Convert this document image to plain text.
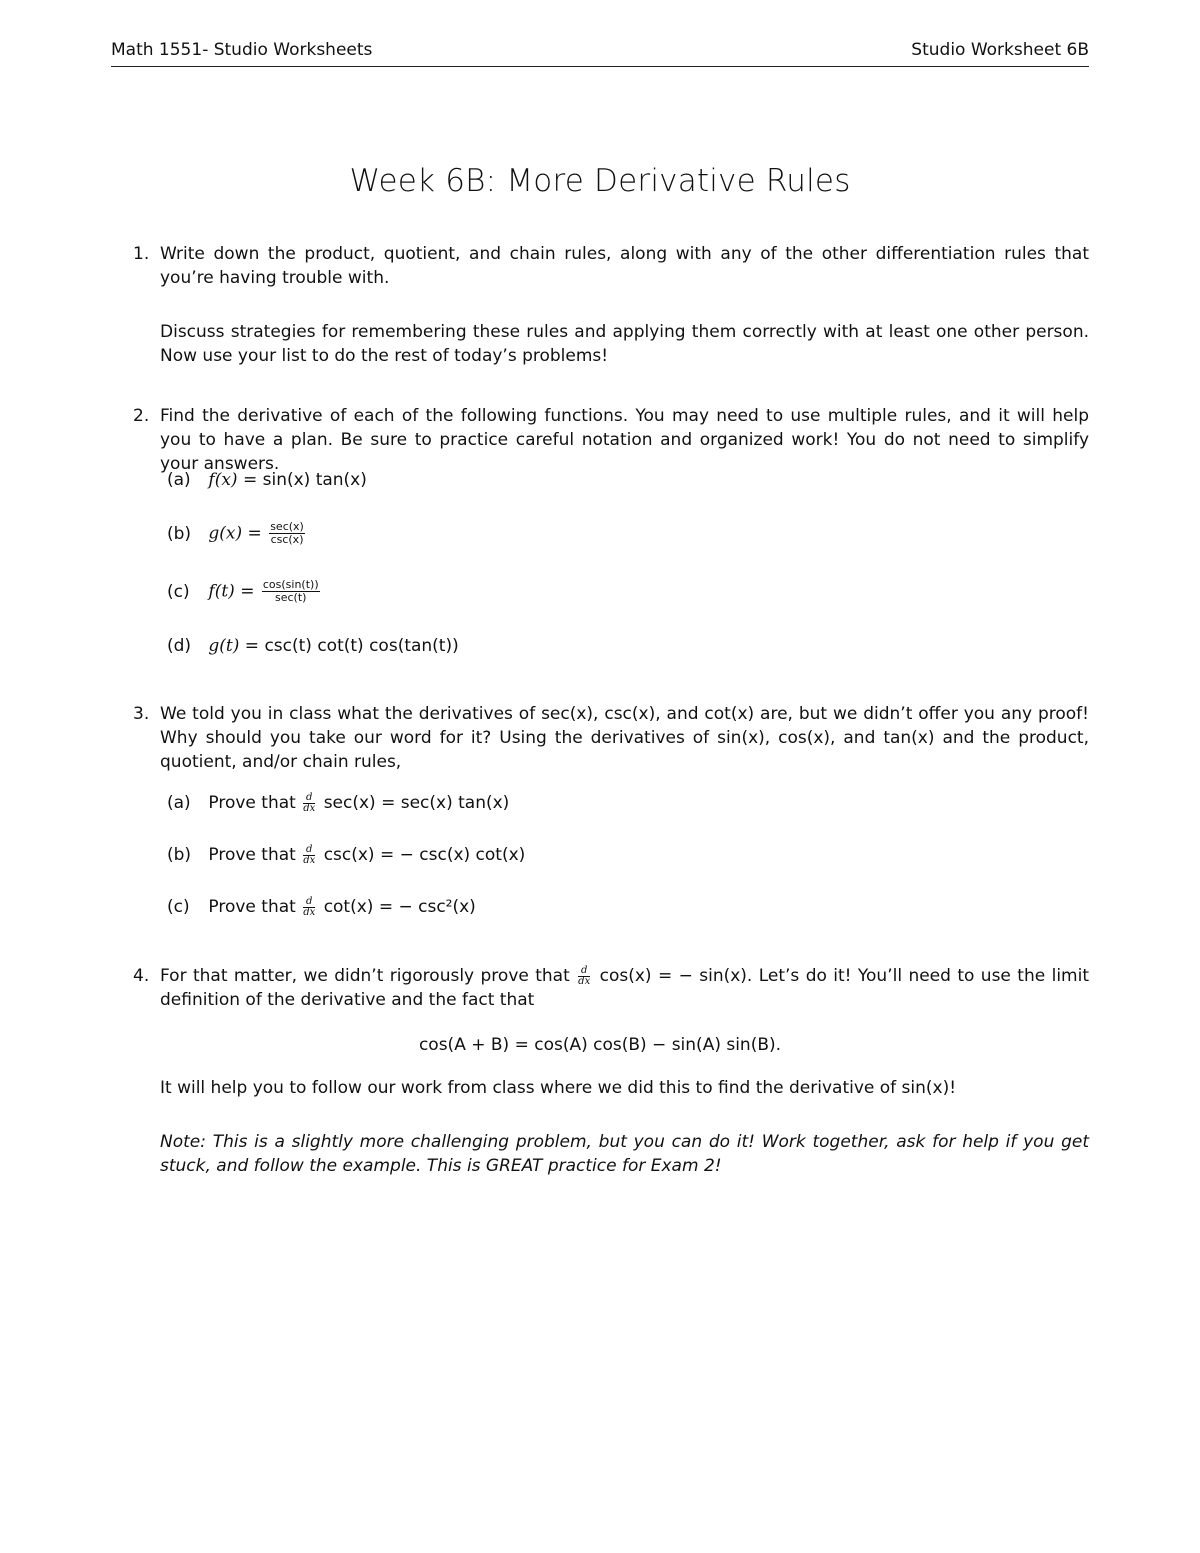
Math 1551- Studio Worksheets	Studio Worksheet 6B
Week 6B: More Derivative Rules
1. Write down the product, quotient, and chain rules, along with any of the other differentiation rules that you’re having trouble with.

Discuss strategies for remembering these rules and applying them correctly with at least one other person. Now use your list to do the rest of today’s problems!

2. Find the derivative of each of the following functions. You may need to use multiple rules, and it will help you to have a plan. Be sure to practice careful notation and organized work! You do not need to simplify your answers.

(a) f(x) = sin(x) tan(x)
(b) $g(x) = \frac{\sec(x)}{\csc(x)}$
(c) $f(t) = \frac{\cos(\sin(t))}{\sec(t)}$
(d) g(t) = csc(t) cot(t) cos(tan(t))
3. We told you in class what the derivatives of sec(x), csc(x), and cot(x) are, but we didn’t offer you any proof! Why should you take our word for it? Using the derivatives of sin(x), cos(x), and tan(x) and the product, quotient, and/or chain rules,

(a) Prove that $\frac{d}{dx} \sec(x) = \sec(x)$ tan(x)
(b) Prove that $\frac{d}{dx} \csc(x)$ = − csc(x) cot(x)
(c) Prove that $\frac{d}{dx} \cot(x)$ = − csc²(x)
4. For that matter, we didn’t rigorously prove that $\frac{d}{dx} \cos(x)$ = − sin(x). Let’s do it! You’ll need to use the limit definition of the derivative and the fact that

cos(A + B) = cos(A) cos(B) − sin(A) sin(B).

It will help you to follow our work from class where we did this to find the derivative of sin(x)!

Note: This is a slightly more challenging problem, but you can do it! Work together, ask for help if you get stuck, and follow the example. This is GREAT practice for Exam 2!
